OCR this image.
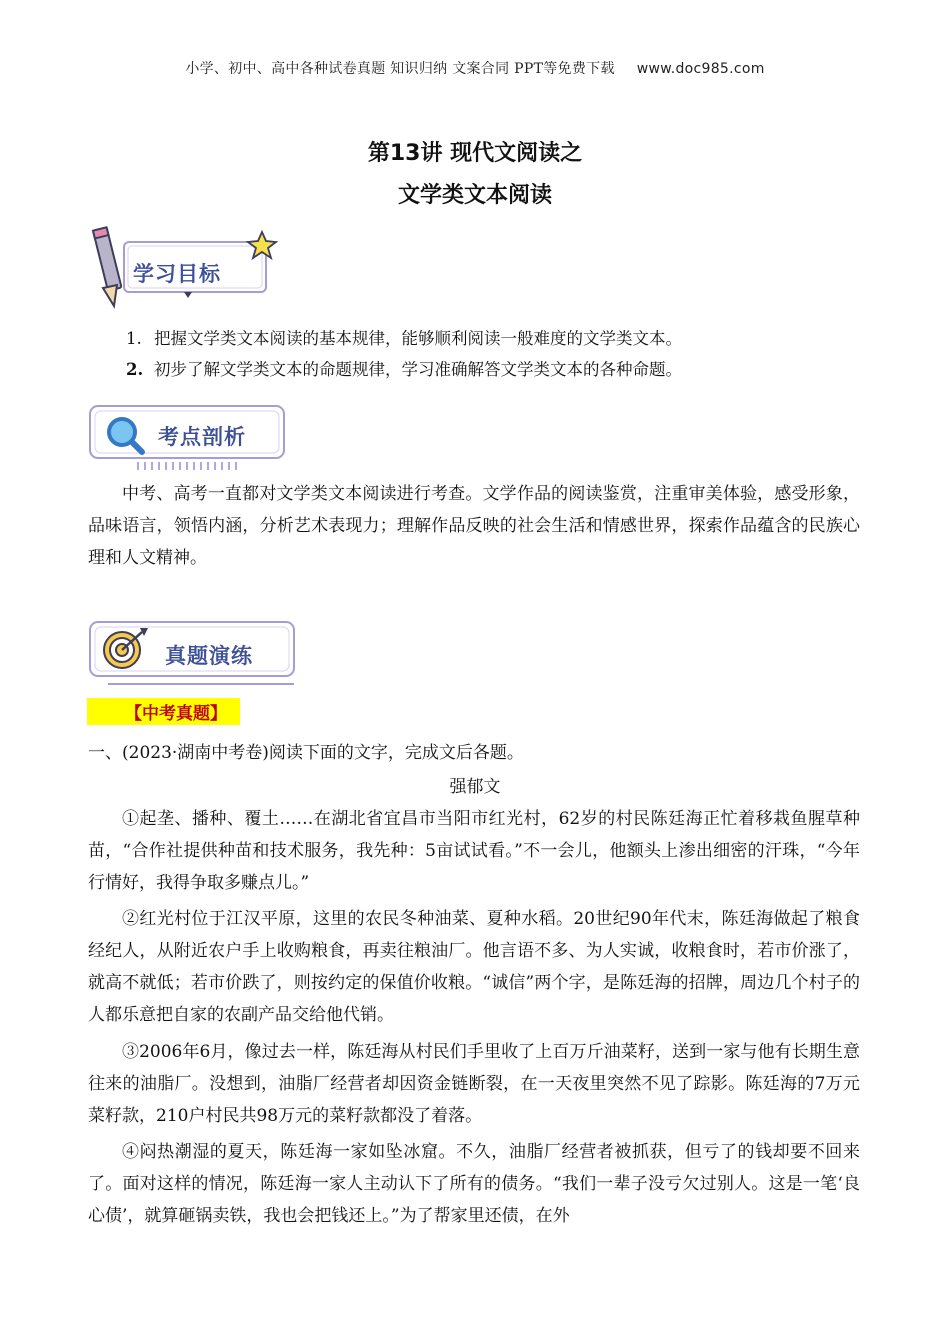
小学、初中、高中各种试卷真题 知识归纳 文案合同 PPT等免费下载 www.doc985.com
第13讲 现代文阅读之
文学类文本阅读
学习目标
1. 把握文学类文本阅读的基本规律，能够顺利阅读一般难度的文学类文本。
2. 初步了解文学类文本的命题规律，学习准确解答文学类文本的各种命题。
考点剖析
中考、高考一直都对文学类文本阅读进行考查。文学作品的阅读鉴赏，注重审美体验，感受形象，品味语言，领悟内涵，分析艺术表现力；理解作品反映的社会生活和情感世界，探索作品蕴含的民族心理和人文精神。
真题演练
【中考真题】
一、(2023·湖南中考卷)阅读下面的文字，完成文后各题。
强郁文
①起垄、播种、覆土……在湖北省宜昌市当阳市红光村，62岁的村民陈廷海正忙着移栽鱼腥草种苗，“合作社提供种苗和技术服务，我先种：5亩试试看。”不一会儿，他额头上渗出细密的汗珠，“今年行情好，我得争取多赚点儿。”
②红光村位于江汉平原，这里的农民冬种油菜、夏种水稻。20世纪90年代末，陈廷海做起了粮食经纪人，从附近农户手上收购粮食，再卖往粮油厂。他言语不多、为人实诚，收粮食时，若市价涨了，就高不就低；若市价跌了，则按约定的保值价收粮。“诚信”两个字，是陈廷海的招牌，周边几个村子的人都乐意把自家的农副产品交给他代销。
③2006年6月，像过去一样，陈廷海从村民们手里收了上百万斤油菜籽，送到一家与他有长期生意往来的油脂厂。没想到，油脂厂经营者却因资金链断裂，在一天夜里突然不见了踪影。陈廷海的7万元菜籽款，210户村民共98万元的菜籽款都没了着落。
④闷热潮湿的夏天，陈廷海一家如坠冰窟。不久，油脂厂经营者被抓获，但亏了的钱却要不回来了。面对这样的情况，陈廷海一家人主动认下了所有的债务。“我们一辈子没亏欠过别人。这是一笔‘良心债’，就算砸锅卖铁，我也会把钱还上。”为了帮家里还债，在外
